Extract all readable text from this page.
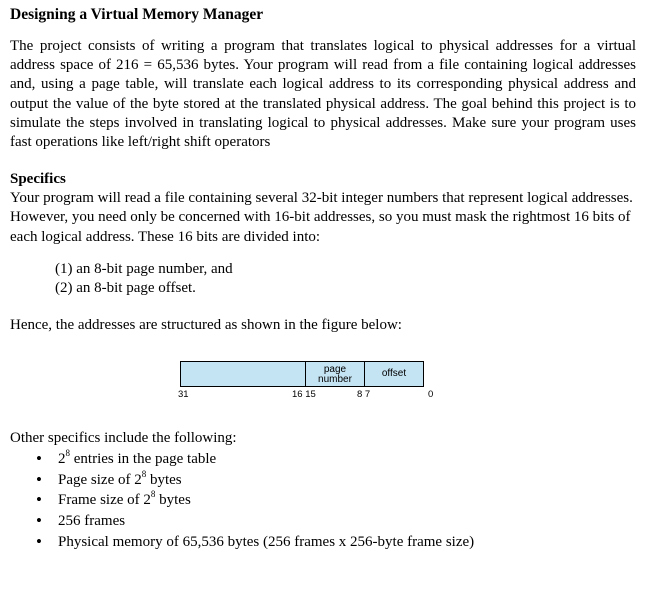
Designing a Virtual Memory Manager

The project consists of writing a program that translates logical to physical addresses for a virtual address space of 216 = 65,536 bytes. Your program will read from a file containing logical addresses and, using a page table, will translate each logical address to its corresponding physical address and output the value of the byte stored at the translated physical address. The goal behind this project is to simulate the steps involved in translating logical to physical addresses. Make sure your program uses fast operations like left/right shift operators

Specifics

Your program will read a file containing several 32-bit integer numbers that represent logical addresses. However, you need only be concerned with 16-bit addresses, so you must mask the rightmost 16 bits of each logical address. These 16 bits are divided into:

(1) an 8-bit page number, and
(2) an 8-bit page offset.

Hence, the addresses are structured as shown in the figure below:

page
number
offset
31	16 15	8 7	0

Other specifics include the following:

• $2^8$ entries in the page table
• Page size of $2^8$ bytes
• Frame size of $2^8$ bytes
• 256 frames
• Physical memory of 65,536 bytes (256 frames x 256-byte frame size)
